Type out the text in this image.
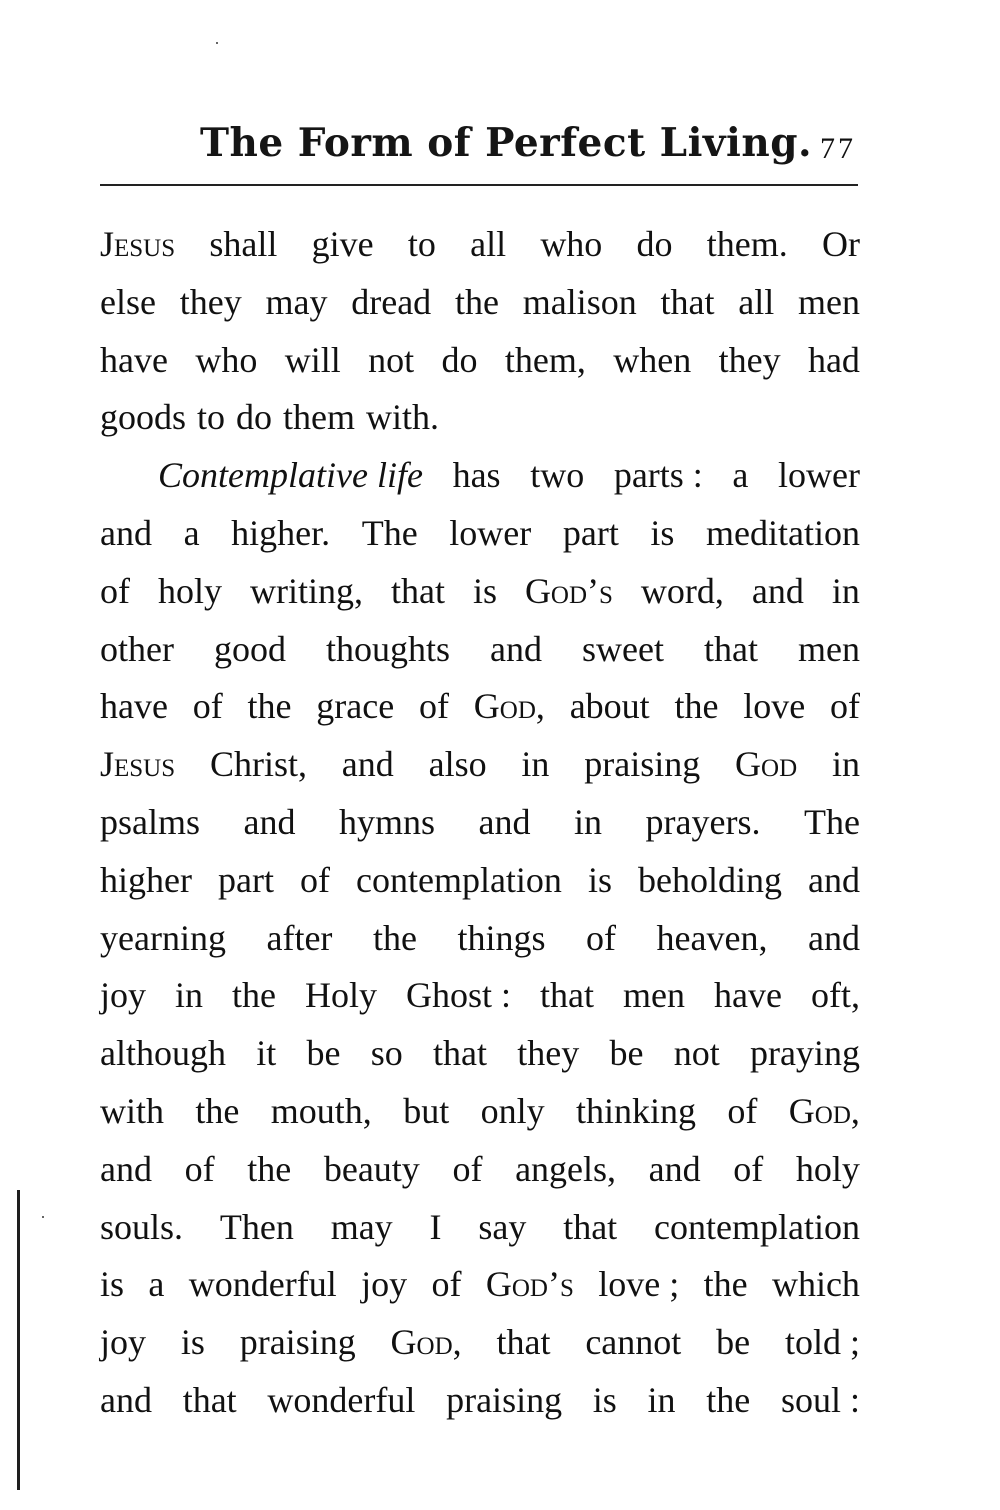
The Form of Perfect Living. 77
Jesus shall give to all who do them. Or
else they may dread the malison that all men
have who will not do them, when they had
goods to do them with.
Contemplative life has two parts : a lower
and a higher. The lower part is meditation
of holy writing, that is God’s word, and in
other good thoughts and sweet that men
have of the grace of God, about the love of
Jesus Christ, and also in praising God in
psalms and hymns and in prayers. The
higher part of contemplation is beholding and
yearning after the things of heaven, and
joy in the Holy Ghost : that men have oft,
although it be so that they be not praying
with the mouth, but only thinking of God,
and of the beauty of angels, and of holy
souls. Then may I say that contemplation
is a wonderful joy of God’s love ; the which
joy is praising God, that cannot be told ;
and that wonderful praising is in the soul :
